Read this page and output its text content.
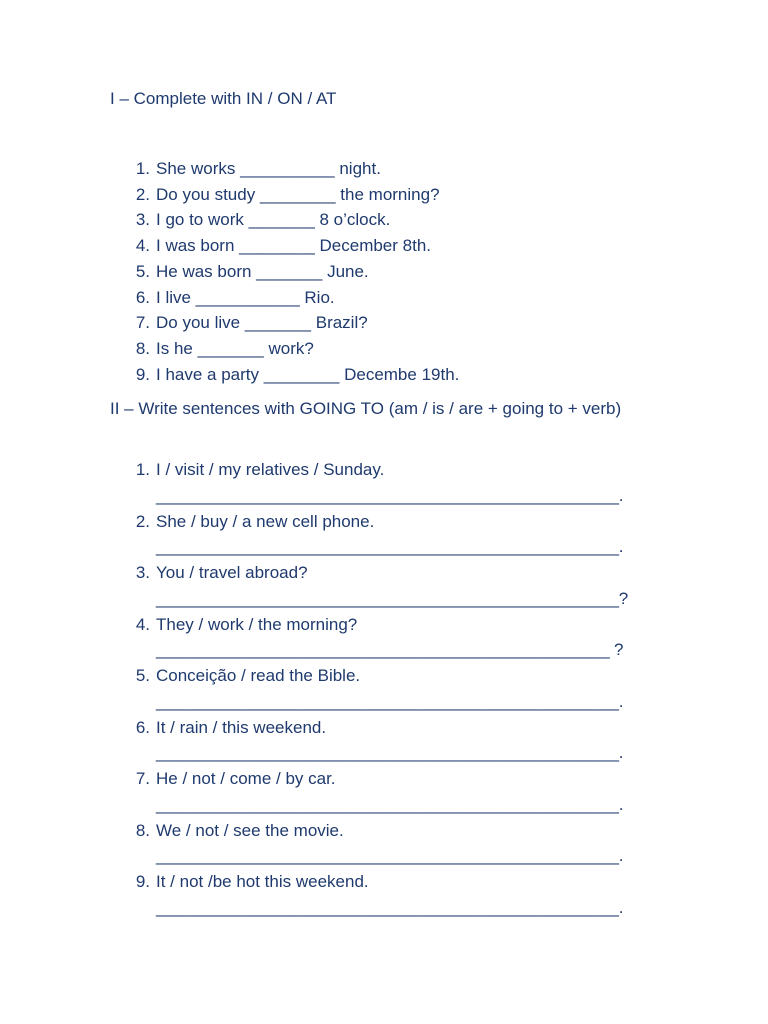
I – Complete with IN / ON / AT
1. She works __________ night.
2. Do you study ________ the morning?
3. I go to work _______ 8 o’clock.
4. I was born ________ December 8th.
5. He was born _______ June.
6. I live ___________ Rio.
7. Do you live _______ Brazil?
8. Is he _______ work?
9. I have a party ________ Decembe 19th.
II – Write sentences with GOING TO (am / is / are + going to + verb)
1. I / visit / my relatives / Sunday.
__________________________________________________.
2. She / buy / a new cell phone.
__________________________________________________.
3. You / travel abroad?
__________________________________________________?
4. They / work / the morning?
_________________________________________________ ?
5. Conceição / read the Bible.
__________________________________________________.
6. It / rain / this weekend.
__________________________________________________.
7. He / not / come / by car.
__________________________________________________.
8. We / not / see the movie.
__________________________________________________.
9. It / not /be hot this weekend.
__________________________________________________.
